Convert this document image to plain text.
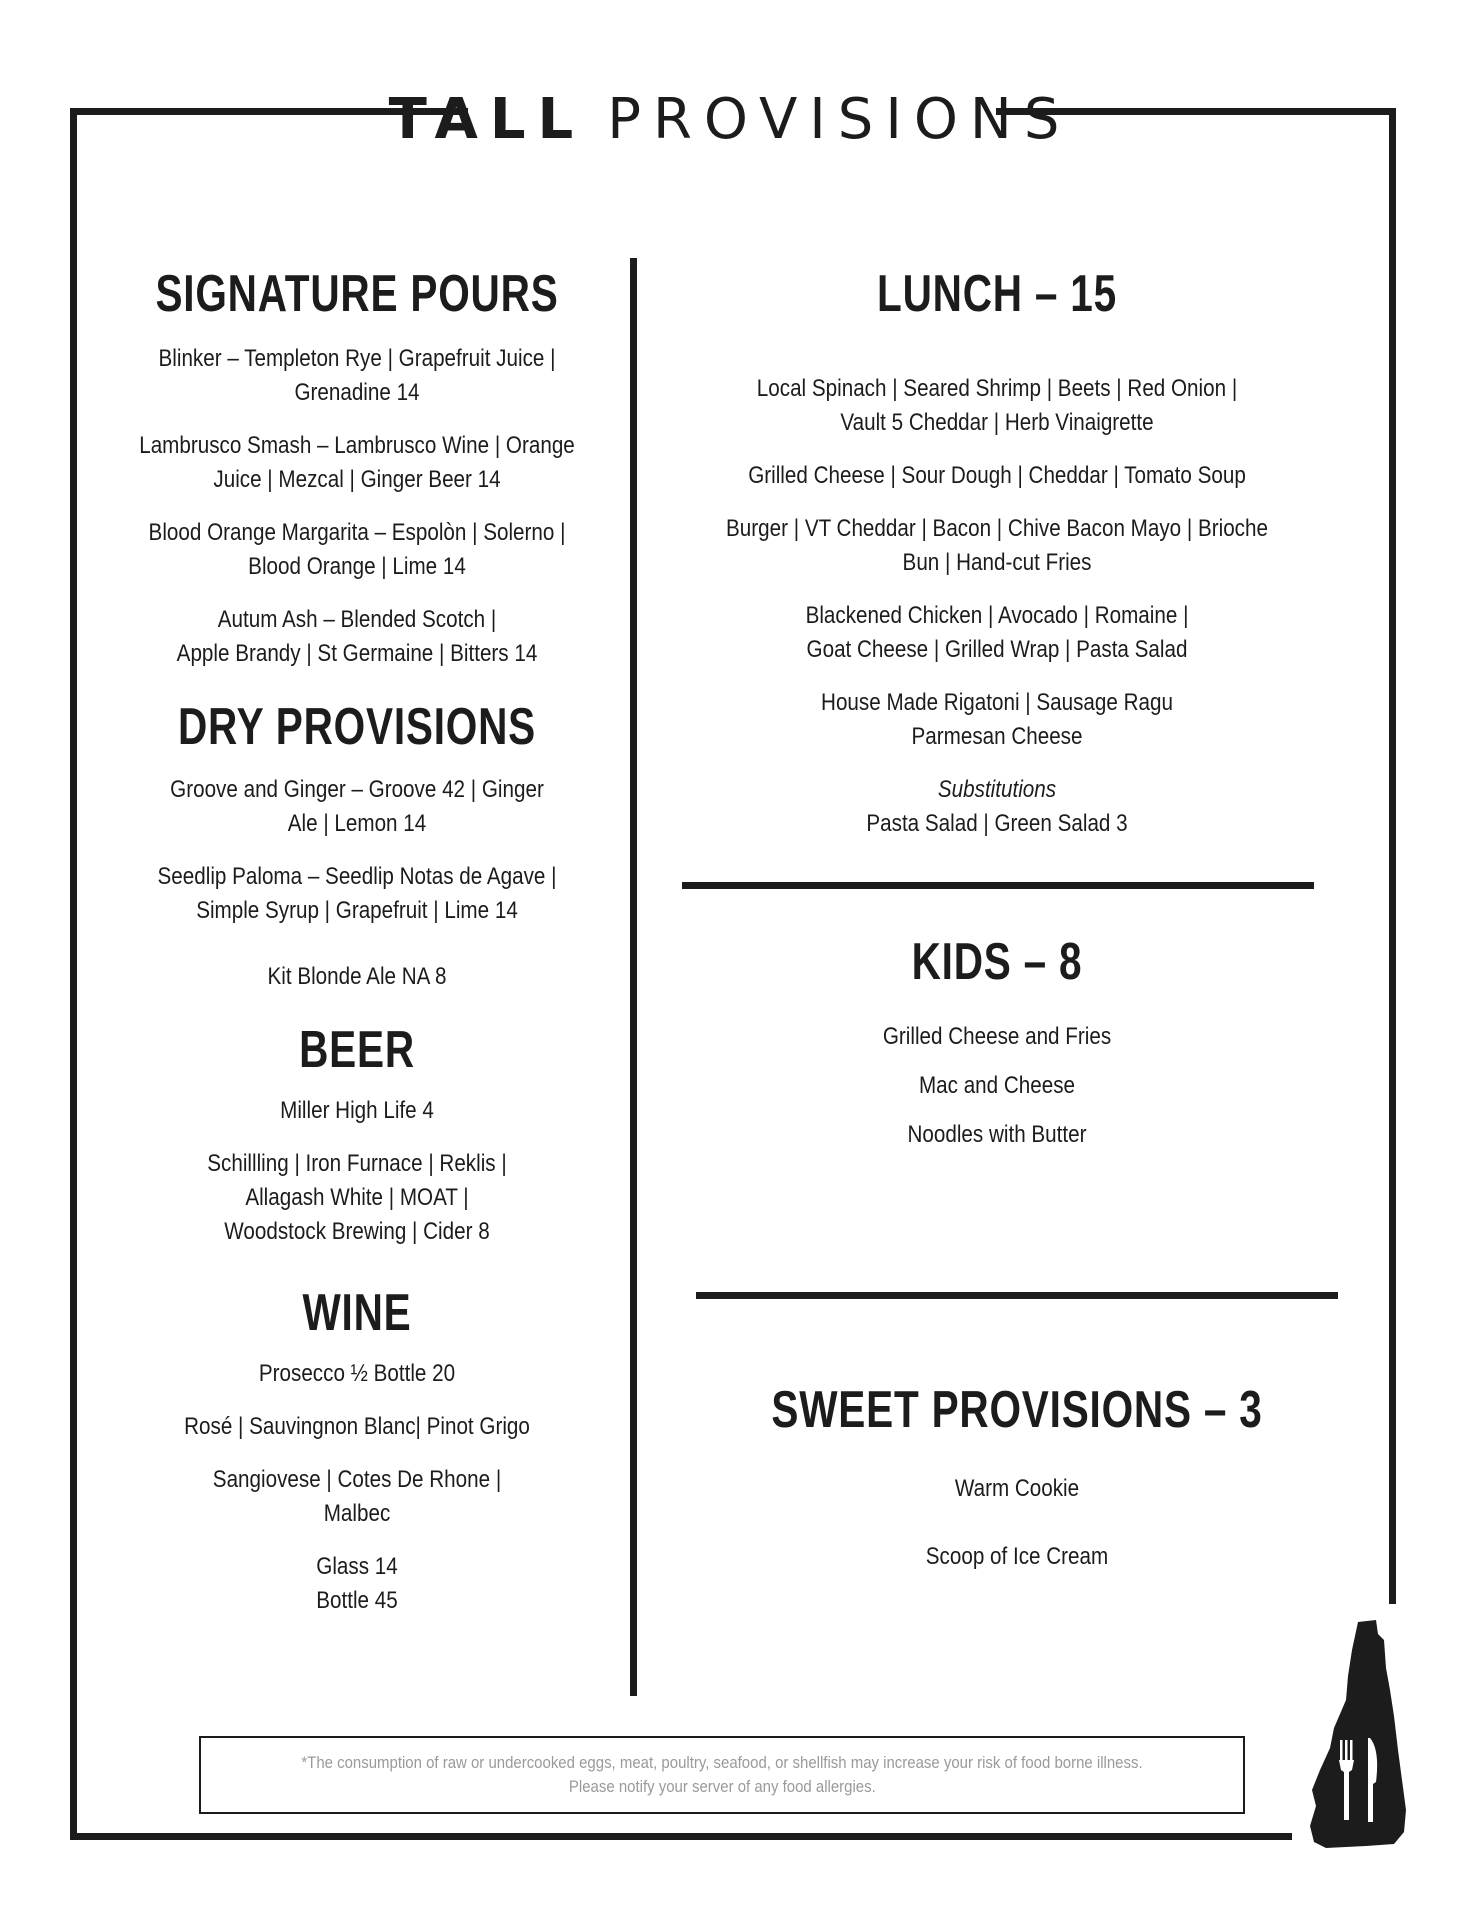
TALL PROVISIONS
SIGNATURE POURS

Blinker – Templeton Rye | Grapefruit Juice |
Grenadine 14

Lambrusco Smash – Lambrusco Wine | Orange
Juice | Mezcal | Ginger Beer 14

Blood Orange Margarita – Espolòn | Solerno |
Blood Orange | Lime 14

Autum Ash – Blended Scotch |
Apple Brandy | St Germaine | Bitters 14

DRY PROVISIONS

Groove and Ginger – Groove 42 | Ginger
Ale | Lemon 14

Seedlip Paloma – Seedlip Notas de Agave |
Simple Syrup | Grapefruit | Lime 14

Kit Blonde Ale NA 8

BEER

Miller High Life 4

Schillling | Iron Furnace | Reklis |
Allagash White | MOAT |
Woodstock Brewing | Cider 8

WINE

Prosecco ½ Bottle 20

Rosé | Sauvingnon Blanc| Pinot Grigo

Sangiovese | Cotes De Rhone |
Malbec

Glass 14
Bottle 45

LUNCH – 15

Local Spinach | Seared Shrimp | Beets | Red Onion |
Vault 5 Cheddar | Herb Vinaigrette

Grilled Cheese | Sour Dough | Cheddar | Tomato Soup

Burger | VT Cheddar | Bacon | Chive Bacon Mayo | Brioche
Bun | Hand-cut Fries

Blackened Chicken | Avocado | Romaine |
Goat Cheese | Grilled Wrap | Pasta Salad

House Made Rigatoni | Sausage Ragu
Parmesan Cheese

Substitutions
Pasta Salad | Green Salad 3

KIDS – 8

Grilled Cheese and Fries

Mac and Cheese

Noodles with Butter

SWEET PROVISIONS – 3

Warm Cookie

Scoop of Ice Cream

*The consumption of raw or undercooked eggs, meat, poultry, seafood, or shellfish may increase your risk of food borne illness.
Please notify your server of any food allergies.
